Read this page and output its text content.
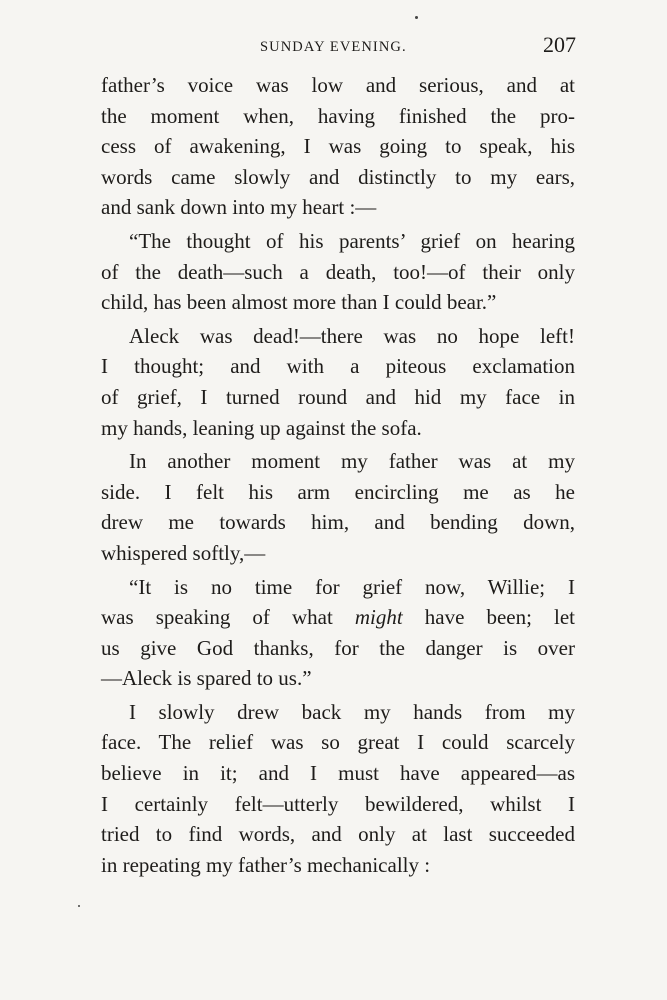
SUNDAY EVENING.	207
father’s voice was low and serious, and at
the moment when, having finished the pro-
cess of awakening, I was going to speak, his
words came slowly and distinctly to my ears,
and sank down into my heart :—
“The thought of his parents’ grief on hearing
of the death—such a death, too!—of their only
child, has been almost more than I could bear.”
Aleck was dead!—there was no hope left!
I thought; and with a piteous exclamation
of grief, I turned round and hid my face in
my hands, leaning up against the sofa.
In another moment my father was at my
side. I felt his arm encircling me as he
drew me towards him, and bending down,
whispered softly,—
“It is no time for grief now, Willie; I
was speaking of what might have been; let
us give God thanks, for the danger is over
—Aleck is spared to us.”
I slowly drew back my hands from my
face. The relief was so great I could scarcely
believe in it; and I must have appeared—as
I certainly felt—utterly bewildered, whilst I
tried to find words, and only at last succeeded
in repeating my father’s mechanically :
